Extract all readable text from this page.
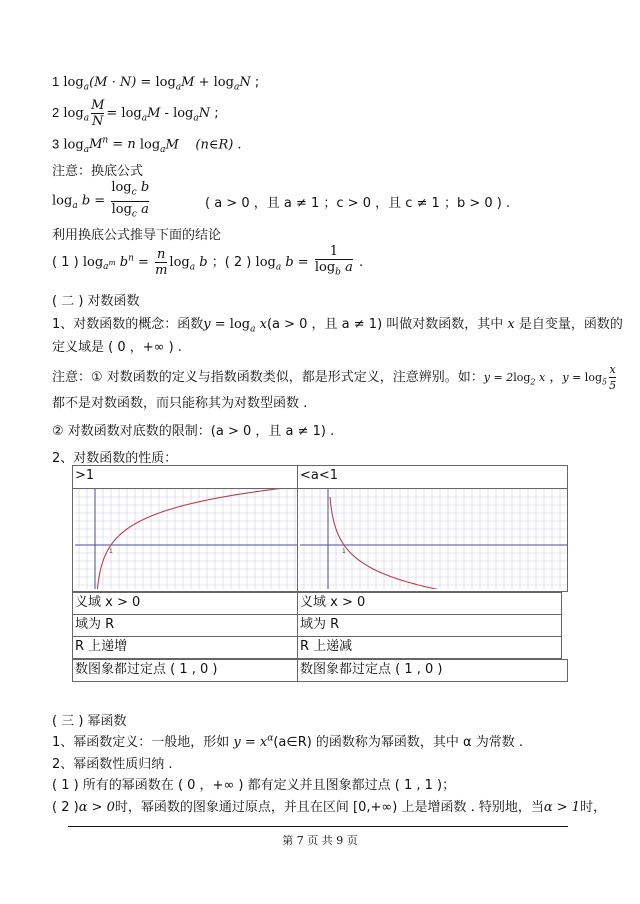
1 $\log_a(M \cdot N) = \log_aM + \log_aN$ ;
2 $\log_a \frac{M}{N} = \log_aM - \log_aN$ ;
3 $\log_aM^n = n$ $\log_aM$ (n∈R) .
注意：换底公式
$\log_a b = \frac{\log_c b}{\log_c a}$	( a > 0 ，且 a ≠ 1 ；c > 0 ，且 c ≠ 1 ；b > 0 ) .
利用换底公式推导下面的结论
( 1 ) $\log_{a^m} b^n = \frac{n}{m} \log_a b$ ；( 2 ) $\log_a b = \frac{1}{\log_b a}$ .
( 二 ) 对数函数
1、对数函数的概念：函数$y = \log_a x(a > 0$ ，且 a ≠ 1) 叫做对数函数，其中 x 是自变量，函数的
定义域是 ( 0 ，+∞ ) .
注意：① 对数函数的定义与指数函数类似，都是形式定义，注意辨别。如：$y = 2\log_2$ x ，$y = \log_5 \frac{x}{5}$
都不是对数函数，而只能称其为对数型函数 .
② 对数函数对底数的限制：(a > 0 ，且 a ≠ 1) .
2、对数函数的性质：
>1	<a<1
1	1
义域 x > 0	义域 x > 0
域为 R	域为 R
R 上递增	R 上递减
数图象都过定点 ( 1 , 0 )	数图象都过定点 ( 1 , 0 )
( 三 ) 幂函数
1、幂函数定义：一般地，形如 $y = x^\alpha(a\in R)$ 的函数称为幂函数，其中 α 为常数 .
2、幂函数性质归纳 .
( 1 ) 所有的幂函数在 ( 0 ，+∞ ) 都有定义并且图象都过点 ( 1 , 1 )；
( 2 )α > 0时，幂函数的图象通过原点，并且在区间 [0,+∞) 上是增函数 . 特别地，当α > 1时，
第 7 页 共 9 页
